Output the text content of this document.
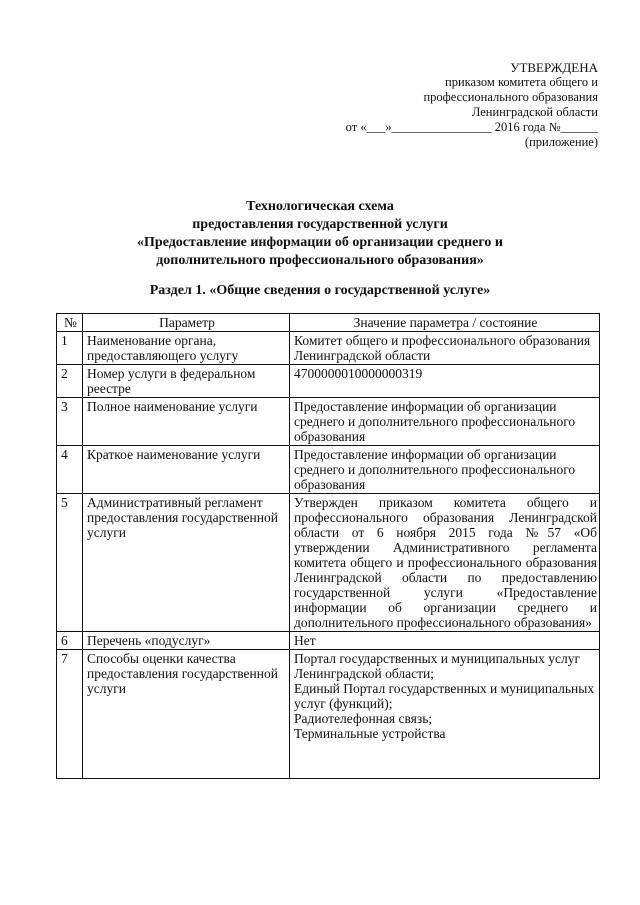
УТВЕРЖДЕНА
приказом комитета общего и
профессионального образования
Ленинградской области
от «___»________________ 2016 года №______
(приложение)
Технологическая схема
предоставления государственной услуги
«Предоставление информации об организации среднего и
дополнительного профессионального образования»
Раздел 1. «Общие сведения о государственной услуге»
№	Параметр	Значение параметра / состояние
1	Наименование органа, предоставляющего услугу	Комитет общего и профессионального образования Ленинградской области
2	Номер услуги в федеральном реестре	4700000010000000319
3	Полное наименование услуги	Предоставление информации об организации среднего и дополнительного профессионального образования
4	Краткое наименование услуги	Предоставление информации об организации среднего и дополнительного профессионального образования
5	Административный регламент предоставления государственной услуги	Утвержден приказом комитета общего и профессионального образования Ленинградской области от 6 ноября 2015 года №57 «Об утверждении Административного регламента комитета общего и профессионального образования Ленинградской области по предоставлению государственной услуги «Предоставление информации об организации среднего и дополнительного профессионального образования»
6	Перечень «подуслуг»	Нет
7	Способы оценки качества предоставления государственной услуги	Портал государственных и муниципальных услуг Ленинградской области;
Единый Портал государственных и муниципальных услуг (функций);
Радиотелефонная связь;
Терминальные устройства
